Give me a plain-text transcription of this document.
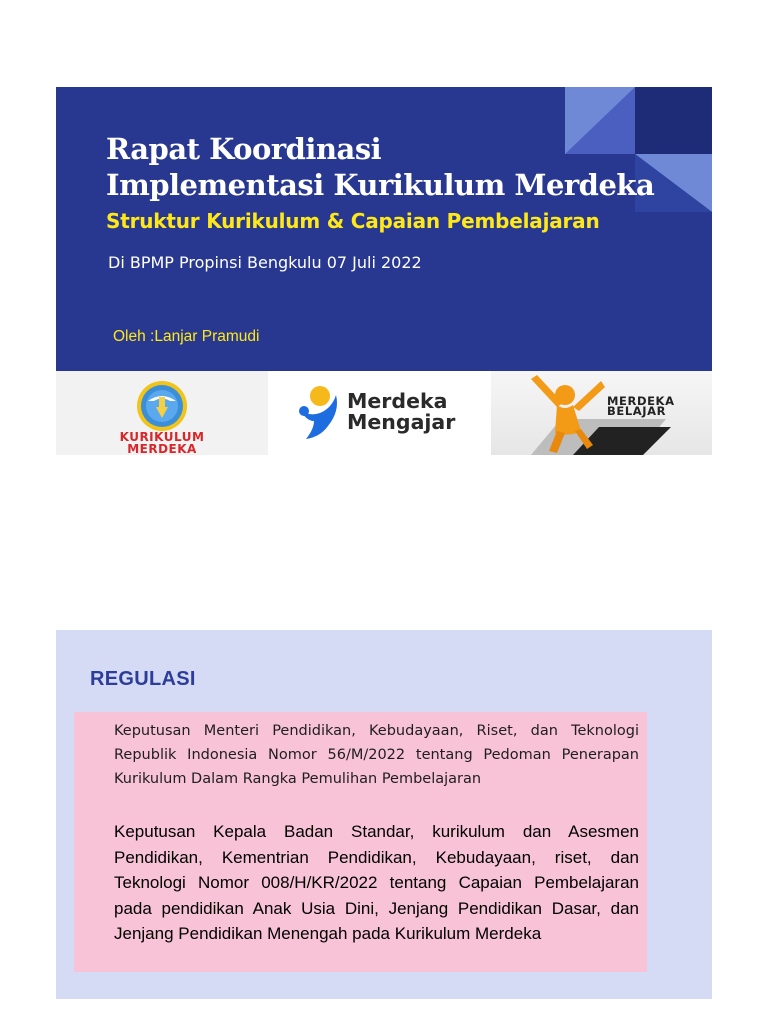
Rapat Koordinasi
Implementasi Kurikulum Merdeka
Struktur Kurikulum & Capaian Pembelajaran
Di BPMP Propinsi Bengkulu 07 Juli 2022
Oleh :Lanjar Pramudi
KURIKULUM
MERDEKA
Merdeka
Mengajar
MERDEKA
BELAJAR
REGULASI

Keputusan Menteri Pendidikan, Kebudayaan, Riset, dan Teknologi Republik Indonesia Nomor 56/M/2022 tentang Pedoman Penerapan Kurikulum Dalam Rangka Pemulihan Pembelajaran

Keputusan Kepala Badan Standar, kurikulum dan Asesmen Pendidikan, Kementrian Pendidikan, Kebudayaan, riset, dan Teknologi Nomor 008/H/KR/2022 tentang Capaian Pembelajaran pada pendidikan Anak Usia Dini, Jenjang Pendidikan Dasar, dan Jenjang Pendidikan Menengah pada Kurikulum Merdeka
